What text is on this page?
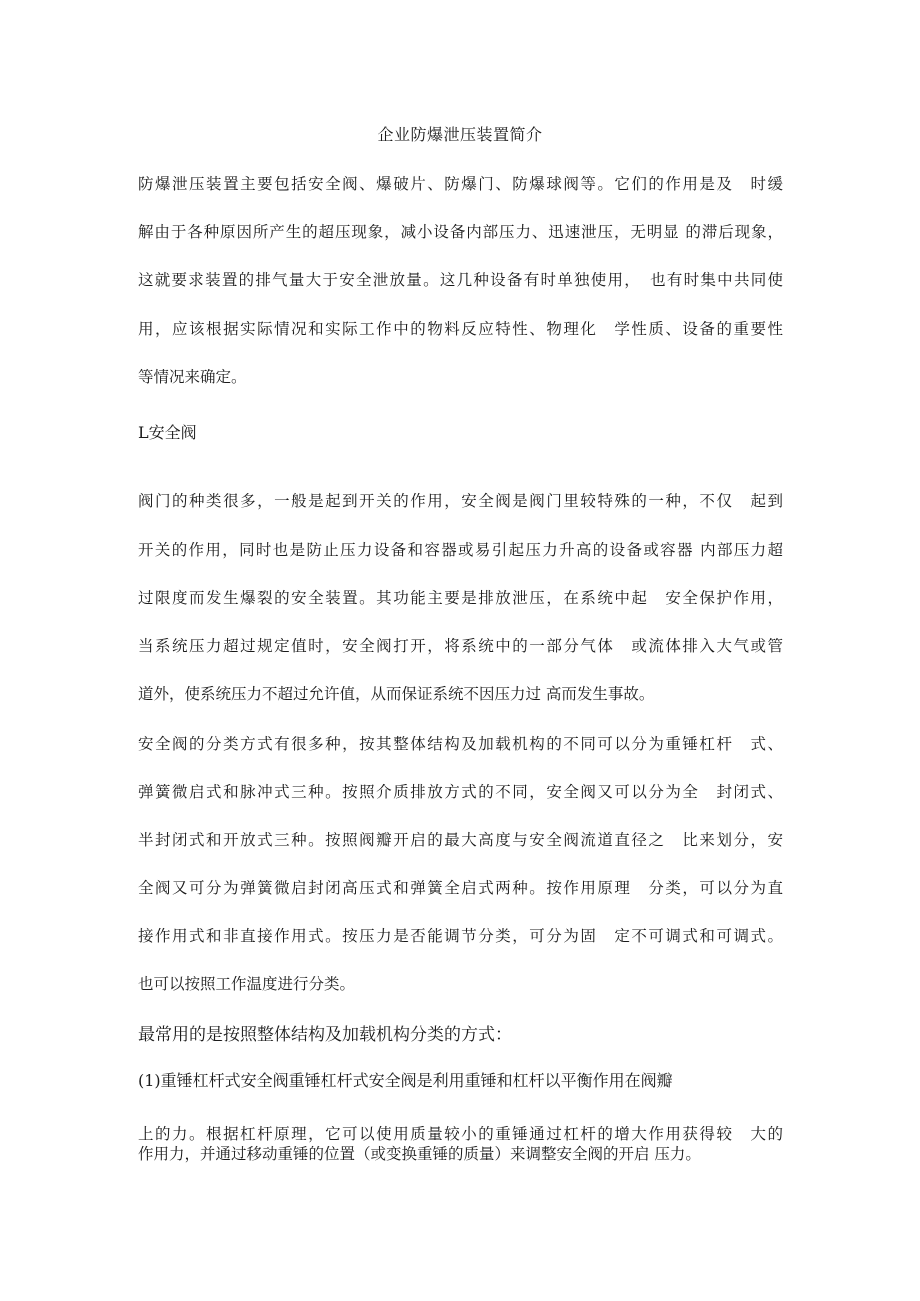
企业防爆泄压装置简介
防爆泄压装置主要包括安全阀、爆破片、防爆门、防爆球阀等。它们的作用是及　时缓
解由于各种原因所产生的超压现象，减小设备内部压力、迅速泄压，无明显 的滞后现象，
这就要求装置的排气量大于安全泄放量。这几种设备有时单独使用，　也有时集中共同使
用，应该根据实际情况和实际工作中的物料反应特性、物理化　学性质、设备的重要性
等情况来确定。
L安全阀
阀门的种类很多，一般是起到开关的作用，安全阀是阀门里较特殊的一种，不仅　起到
开关的作用，同时也是防止压力设备和容器或易引起压力升高的设备或容器 内部压力超
过限度而发生爆裂的安全装置。其功能主要是排放泄压，在系统中起　安全保护作用，
当系统压力超过规定值时，安全阀打开，将系统中的一部分气体　或流体排入大气或管
道外，使系统压力不超过允许值，从而保证系统不因压力过 高而发生事故。
安全阀的分类方式有很多种，按其整体结构及加载机构的不同可以分为重锤杠杆　式、
弹簧微启式和脉冲式三种。按照介质排放方式的不同，安全阀又可以分为全　封闭式、
半封闭式和开放式三种。按照阀瓣开启的最大高度与安全阀流道直径之　比来划分，安
全阀又可分为弹簧微启封闭高压式和弹簧全启式两种。按作用原理　分类，可以分为直
接作用式和非直接作用式。按压力是否能调节分类，可分为固　定不可调式和可调式。
也可以按照工作温度进行分类。
最常用的是按照整体结构及加载机构分类的方式：
(1)重锤杠杆式安全阀重锤杠杆式安全阀是利用重锤和杠杆以平衡作用在阀瓣
上的力。根据杠杆原理，它可以使用质量较小的重锤通过杠杆的增大作用获得较　大的
作用力，并通过移动重锤的位置（或变换重锤的质量）来调整安全阀的开启 压力。
